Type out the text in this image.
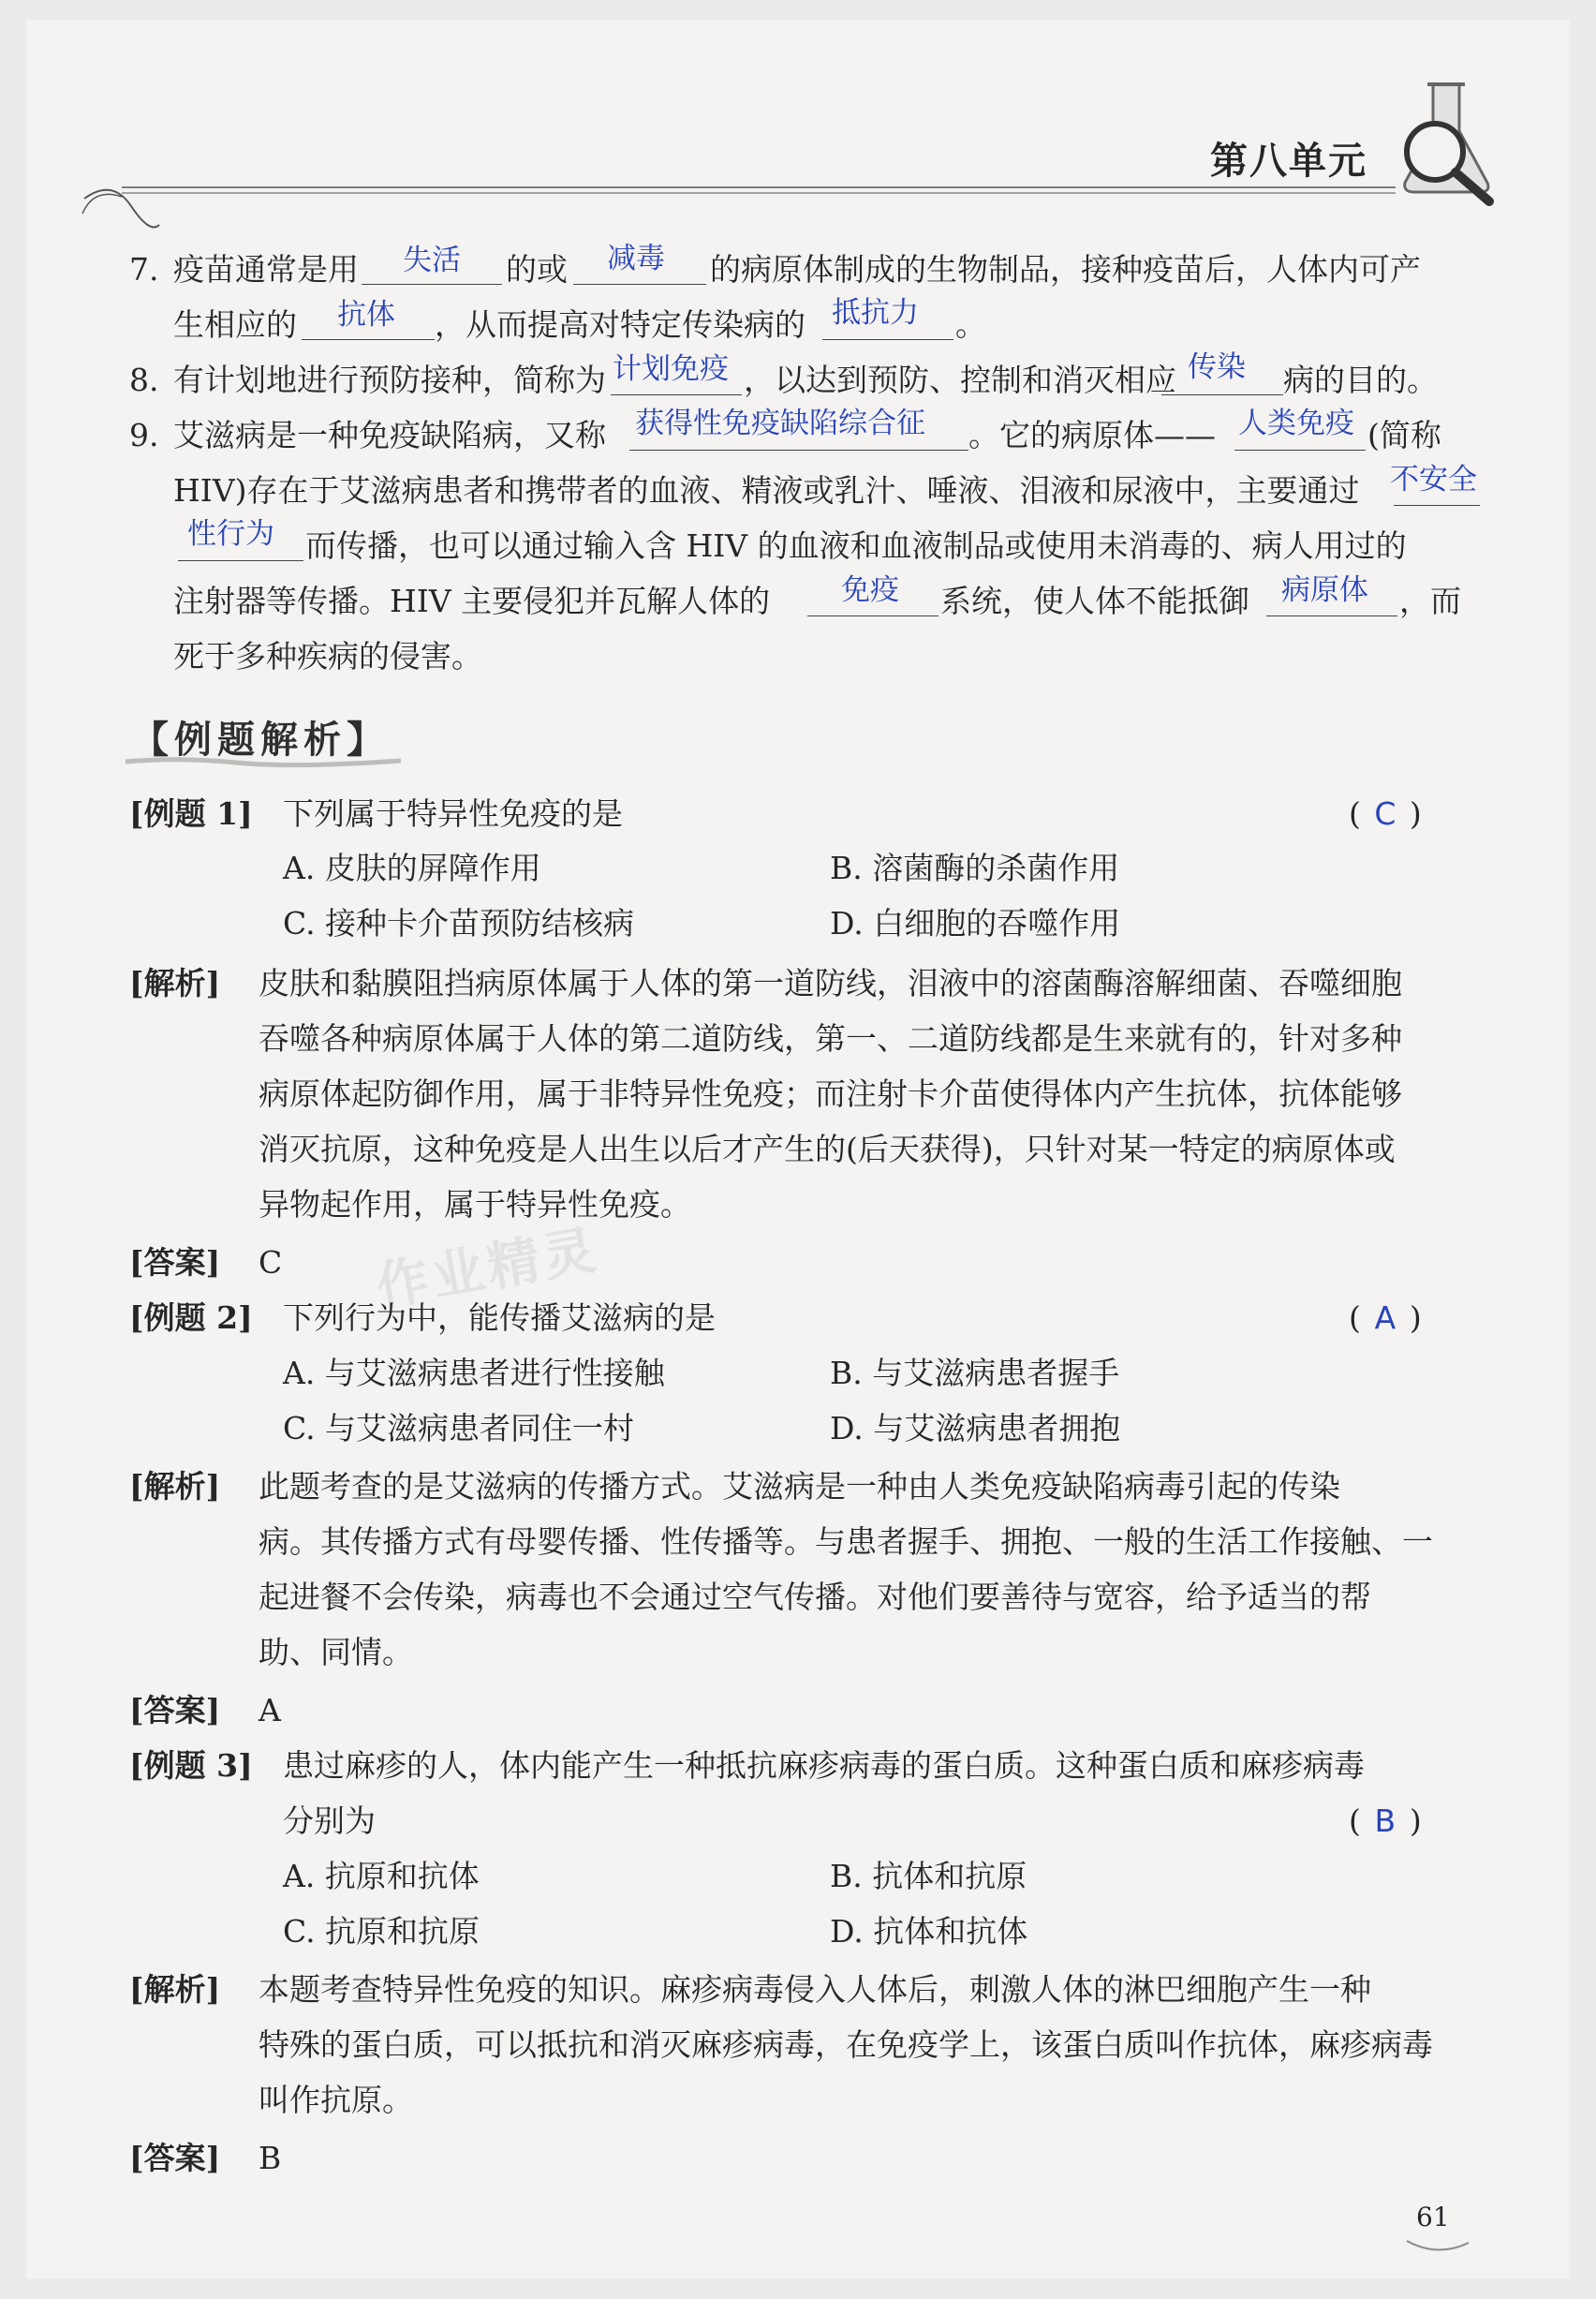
第八单元
7. 疫苗通常是用 失活 的或 减毒 的病原体制成的生物制品，接种疫苗后，人体内可产
生相应的 抗体 ，从而提高对特定传染病的 抵抗力 。
8. 有计划地进行预防接种，简称为 计划免疫 ，以达到预防、控制和消灭相应 传染 病的目的。
9. 艾滋病是一种免疫缺陷病，又称 获得性免疫缺陷综合征 。它的病原体—— 人类免疫 (简称
HIV)存在于艾滋病患者和携带者的血液、精液或乳汁、唾液、泪液和尿液中，主要通过 不安全
性行为 而传播，也可以通过输入含 HIV 的血液和血液制品或使用未消毒的、病人用过的
注射器等传播。HIV 主要侵犯并瓦解人体的 免疫 系统，使人体不能抵御 病原体 ，而
死于多种疾病的侵害。
【例题解析】
[例题 1] 下列属于特异性免疫的是	( C )
A. 皮肤的屏障作用	B. 溶菌酶的杀菌作用
C. 接种卡介苗预防结核病	D. 白细胞的吞噬作用
[解析] 皮肤和黏膜阻挡病原体属于人体的第一道防线，泪液中的溶菌酶溶解细菌、吞噬细胞
吞噬各种病原体属于人体的第二道防线，第一、二道防线都是生来就有的，针对多种
病原体起防御作用，属于非特异性免疫；而注射卡介苗使得体内产生抗体，抗体能够
消灭抗原，这种免疫是人出生以后才产生的(后天获得)，只针对某一特定的病原体或
异物起作用，属于特异性免疫。
[答案] C 作业精灵
[例题 2] 下列行为中，能传播艾滋病的是	( A )
A. 与艾滋病患者进行性接触	B. 与艾滋病患者握手
C. 与艾滋病患者同住一村	D. 与艾滋病患者拥抱
[解析] 此题考查的是艾滋病的传播方式。艾滋病是一种由人类免疫缺陷病毒引起的传染
病。其传播方式有母婴传播、性传播等。与患者握手、拥抱、一般的生活工作接触、一
起进餐不会传染，病毒也不会通过空气传播。对他们要善待与宽容，给予适当的帮
助、同情。
[答案] A
[例题 3] 患过麻疹的人，体内能产生一种抵抗麻疹病毒的蛋白质。这种蛋白质和麻疹病毒
分别为	( B )
A. 抗原和抗体	B. 抗体和抗原
C. 抗原和抗原	D. 抗体和抗体
[解析] 本题考查特异性免疫的知识。麻疹病毒侵入人体后，刺激人体的淋巴细胞产生一种
特殊的蛋白质，可以抵抗和消灭麻疹病毒，在免疫学上，该蛋白质叫作抗体，麻疹病毒
叫作抗原。
[答案] B
61
